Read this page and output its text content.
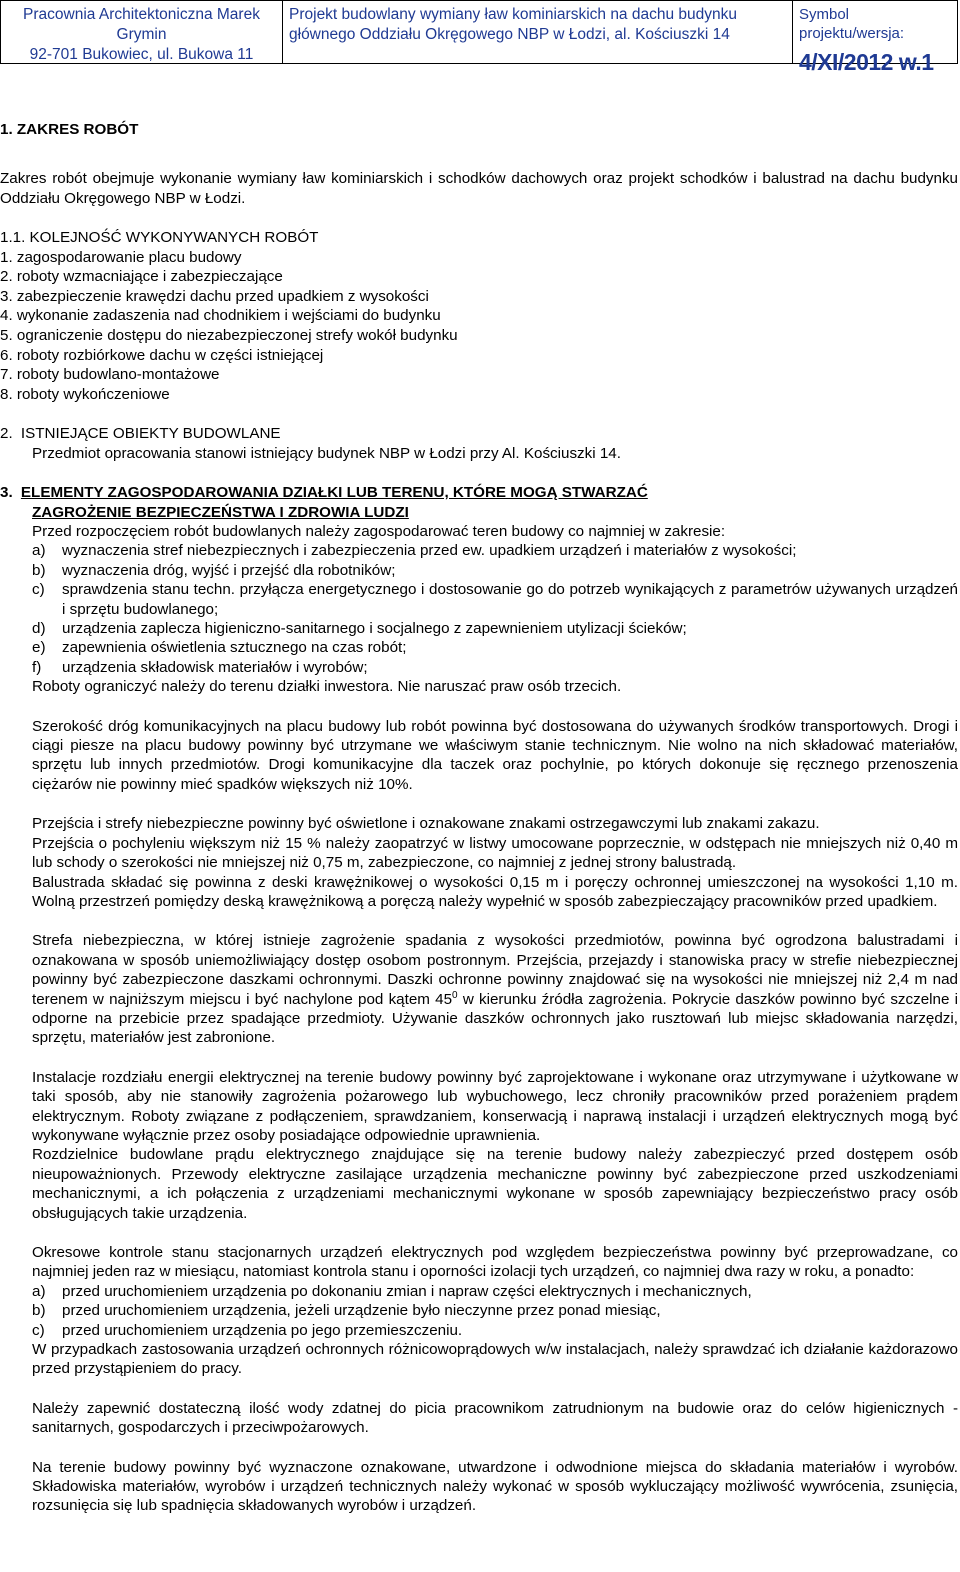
Pracownia Architektoniczna Marek Grymin
92-701 Bukowiec, ul. Bukowa 11
Projekt budowlany wymiany ław kominiarskich na dachu budynku
głównego Oddziału Okręgowego NBP w Łodzi, al. Kościuszki 14
Symbol projektu/wersja:
4/XI/2012 w.1

1. ZAKRES ROBÓT

Zakres robót obejmuje wykonanie wymiany ław kominiarskich i schodków dachowych oraz projekt schodków i balustrad na dachu budynku Oddziału Okręgowego NBP w Łodzi.

1.1. KOLEJNOŚĆ WYKONYWANYCH ROBÓT

1. zagospodarowanie placu budowy

2. roboty wzmacniające i zabezpieczające

3. zabezpieczenie krawędzi dachu przed upadkiem z wysokości

4. wykonanie zadaszenia nad chodnikiem i wejściami do budynku

5. ograniczenie dostępu do niezabezpieczonej strefy wokół budynku

6. roboty rozbiórkowe dachu w części istniejącej

7. roboty budowlano-montażowe

8. roboty wykończeniowe

2. ISTNIEJĄCE OBIEKTY BUDOWLANE

Przedmiot opracowania stanowi istniejący budynek NBP w Łodzi przy Al. Kościuszki 14.

3. ELEMENTY ZAGOSPODAROWANIA DZIAŁKI LUB TERENU, KTÓRE MOGĄ STWARZAĆ

ZAGROŻENIE BEZPIECZEŃSTWA I ZDROWIA LUDZI

Przed rozpoczęciem robót budowlanych należy zagospodarować teren budowy co najmniej w zakresie:

a)	wyznaczenia stref niebezpiecznych i zabezpieczenia przed ew. upadkiem urządzeń i materiałów z wysokości;
b)	wyznaczenia dróg, wyjść i przejść dla robotników;
c)	sprawdzenia stanu techn. przyłącza energetycznego i dostosowanie go do potrzeb wynikających z parametrów używanych urządzeń i sprzętu budowlanego;
d)	urządzenia zaplecza higieniczno-sanitarnego i socjalnego z zapewnieniem utylizacji ścieków;
e)	zapewnienia oświetlenia sztucznego na czas robót;
f)	urządzenia składowisk materiałów i wyrobów;

Roboty ograniczyć należy do terenu działki inwestora. Nie naruszać praw osób trzecich.

Szerokość dróg komunikacyjnych na placu budowy lub robót powinna być dostosowana do używanych środków transportowych. Drogi i ciągi piesze na placu budowy powinny być utrzymane we właściwym stanie technicznym. Nie wolno na nich składować materiałów, sprzętu lub innych przedmiotów. Drogi komunikacyjne dla taczek oraz pochylnie, po których dokonuje się ręcznego przenoszenia ciężarów nie powinny mieć spadków większych niż 10%.

Przejścia i strefy niebezpieczne powinny być oświetlone i oznakowane znakami ostrzegawczymi lub znakami zakazu.

Przejścia o pochyleniu większym niż 15 % należy zaopatrzyć w listwy umocowane poprzecznie, w odstępach nie mniejszych niż 0,40 m lub schody o szerokości nie mniejszej niż 0,75 m, zabezpieczone, co najmniej z jednej strony balustradą.

Balustrada składać się powinna z deski krawężnikowej o wysokości 0,15 m i poręczy ochronnej umieszczonej na wysokości 1,10 m. Wolną przestrzeń pomiędzy deską krawężnikową a poręczą należy wypełnić w sposób zabezpieczający pracowników przed upadkiem.

Strefa niebezpieczna, w której istnieje zagrożenie spadania z wysokości przedmiotów, powinna być ogrodzona balustradami i oznakowana w sposób uniemożliwiający dostęp osobom postronnym. Przejścia, przejazdy i stanowiska pracy w strefie niebezpiecznej powinny być zabezpieczone daszkami ochronnymi. Daszki ochronne powinny znajdować się na wysokości nie mniejszej niż 2,4 m nad terenem w najniższym miejscu i być nachylone pod kątem $45^0$ w kierunku źródła zagrożenia. Pokrycie daszków powinno być szczelne i odporne na przebicie przez spadające przedmioty. Używanie daszków ochronnych jako rusztowań lub miejsc składowania narzędzi, sprzętu, materiałów jest zabronione.

Instalacje rozdziału energii elektrycznej na terenie budowy powinny być zaprojektowane i wykonane oraz utrzymywane i użytkowane w taki sposób, aby nie stanowiły zagrożenia pożarowego lub wybuchowego, lecz chroniły pracowników przed porażeniem prądem elektrycznym. Roboty związane z podłączeniem, sprawdzaniem, konserwacją i naprawą instalacji i urządzeń elektrycznych mogą być wykonywane wyłącznie przez osoby posiadające odpowiednie uprawnienia.

Rozdzielnice budowlane prądu elektrycznego znajdujące się na terenie budowy należy zabezpieczyć przed dostępem osób nieupoważnionych. Przewody elektryczne zasilające urządzenia mechaniczne powinny być zabezpieczone przed uszkodzeniami mechanicznymi, a ich połączenia z urządzeniami mechanicznymi wykonane w sposób zapewniający bezpieczeństwo pracy osób obsługujących takie urządzenia.

Okresowe kontrole stanu stacjonarnych urządzeń elektrycznych pod względem bezpieczeństwa powinny być przeprowadzane, co najmniej jeden raz w miesiącu, natomiast kontrola stanu i oporności izolacji tych urządzeń, co najmniej dwa razy w roku, a ponadto:

a)	przed uruchomieniem urządzenia po dokonaniu zmian i napraw części elektrycznych i mechanicznych,
b)	przed uruchomieniem urządzenia, jeżeli urządzenie było nieczynne przez ponad miesiąc,
c)	przed uruchomieniem urządzenia po jego przemieszczeniu.

W przypadkach zastosowania urządzeń ochronnych różnicowoprądowych w/w instalacjach, należy sprawdzać ich działanie każdorazowo przed przystąpieniem do pracy.

Należy zapewnić dostateczną ilość wody zdatnej do picia pracownikom zatrudnionym na budowie oraz do celów higienicznych - sanitarnych, gospodarczych i przeciwpożarowych.

Na terenie budowy powinny być wyznaczone oznakowane, utwardzone i odwodnione miejsca do składania materiałów i wyrobów. Składowiska materiałów, wyrobów i urządzeń technicznych należy wykonać w sposób wykluczający możliwość wywrócenia, zsunięcia, rozsunięcia się lub spadnięcia składowanych wyrobów i urządzeń.
